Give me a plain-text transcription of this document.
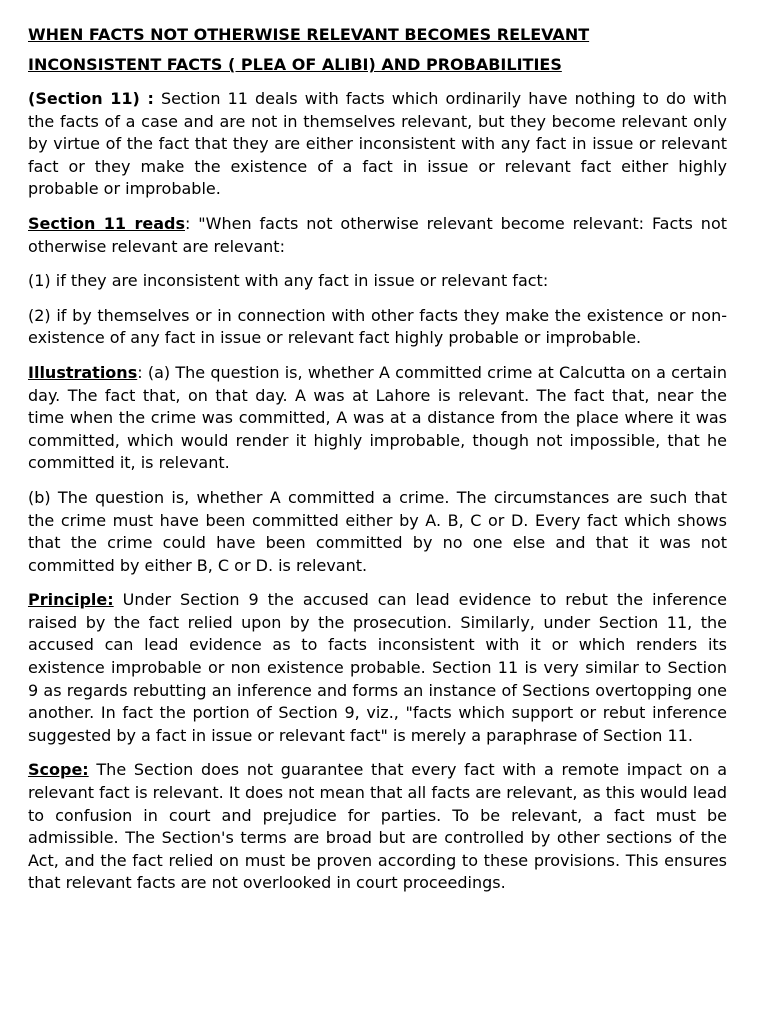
WHEN FACTS NOT OTHERWISE RELEVANT BECOMES RELEVANT
INCONSISTENT FACTS ( PLEA OF ALIBI) AND PROBABILITIES

(Section 11) : Section 11 deals with facts which ordinarily have nothing to do with the facts of a case and are not in themselves relevant, but they become relevant only by virtue of the fact that they are either inconsistent with any fact in issue or relevant fact or they make the existence of a fact in issue or relevant fact either highly probable or improbable.

Section 11 reads: "When facts not otherwise relevant become relevant: Facts not otherwise relevant are relevant:

(1) if they are inconsistent with any fact in issue or relevant fact:

(2) if by themselves or in connection with other facts they make the existence or non-existence of any fact in issue or relevant fact highly probable or improbable.

Illustrations: (a) The question is, whether A committed crime at Calcutta on a certain day. The fact that, on that day. A was at Lahore is relevant. The fact that, near the time when the crime was committed, A was at a distance from the place where it was committed, which would render it highly improbable, though not impossible, that he committed it, is relevant.

(b) The question is, whether A committed a crime. The circumstances are such that the crime must have been committed either by A. B, C or D. Every fact which shows that the crime could have been committed by no one else and that it was not committed by either B, C or D. is relevant.

Principle: Under Section 9 the accused can lead evidence to rebut the inference raised by the fact relied upon by the prosecution. Similarly, under Section 11, the accused can lead evidence as to facts inconsistent with it or which renders its existence improbable or non existence probable. Section 11 is very similar to Section 9 as regards rebutting an inference and forms an instance of Sections overtopping one another. In fact the portion of Section 9, viz., "facts which support or rebut inference suggested by a fact in issue or relevant fact" is merely a paraphrase of Section 11.

Scope: The Section does not guarantee that every fact with a remote impact on a relevant fact is relevant. It does not mean that all facts are relevant, as this would lead to confusion in court and prejudice for parties. To be relevant, a fact must be admissible. The Section's terms are broad but are controlled by other sections of the Act, and the fact relied on must be proven according to these provisions. This ensures that relevant facts are not overlooked in court proceedings.
